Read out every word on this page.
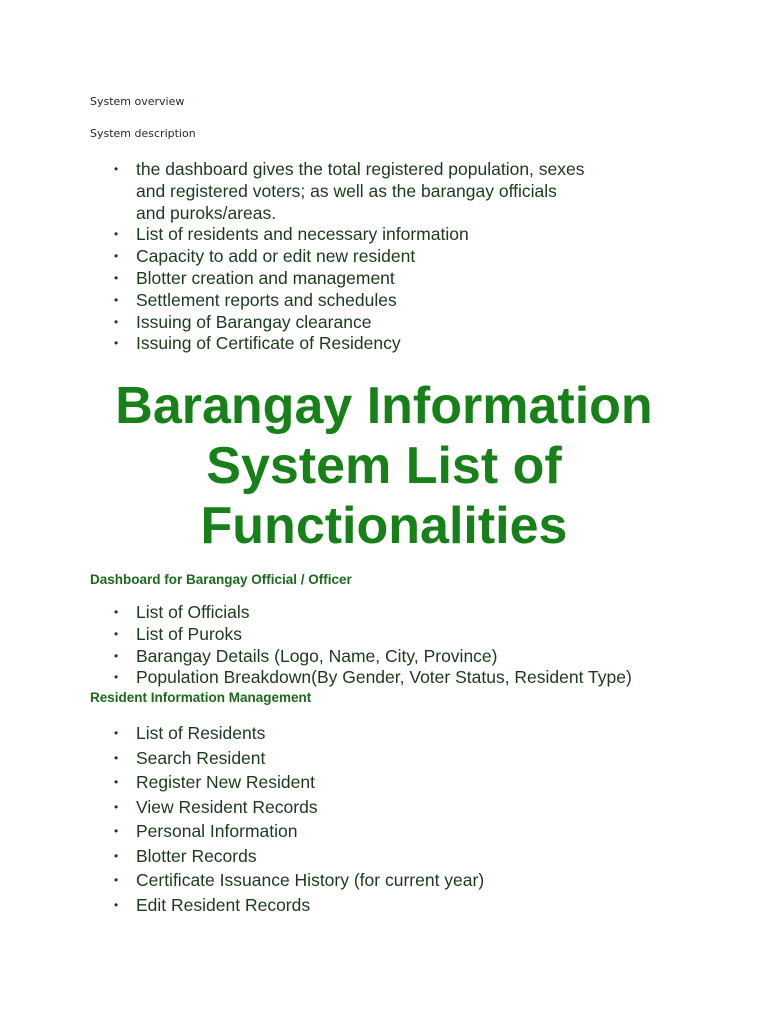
System overview

System description

• the dashboard gives the total registered population, sexes and registered voters; as well as the barangay officials and puroks/areas.
• List of residents and necessary information
• Capacity to add or edit new resident
• Blotter creation and management
• Settlement reports and schedules
• Issuing of Barangay clearance
• Issuing of Certificate of Residency
Barangay Information
System List of
Functionalities
Dashboard for Barangay Official / Officer
• List of Officials
• List of Puroks
• Barangay Details (Logo, Name, City, Province)
• Population Breakdown(By Gender, Voter Status, Resident Type)
Resident Information Management
• List of Residents
• Search Resident
• Register New Resident
• View Resident Records
• Personal Information
• Blotter Records
• Certificate Issuance History (for current year)
• Edit Resident Records
